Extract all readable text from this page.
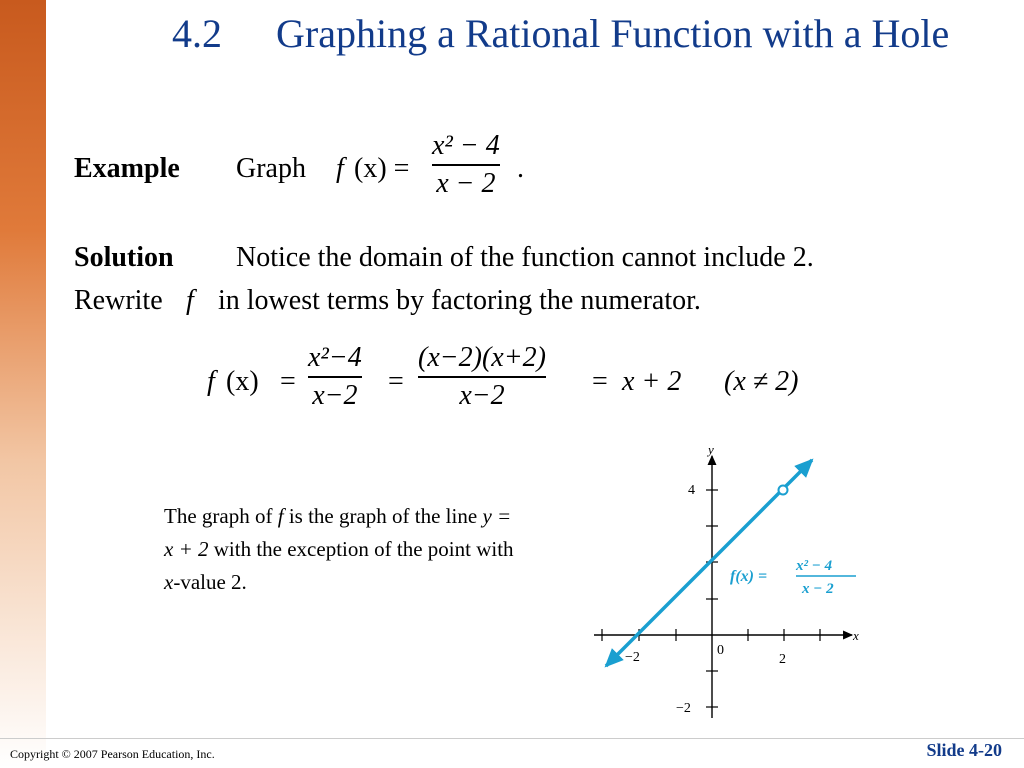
4.2 Graphing a Rational Function with a Hole
Example Graph f (x) =
x² − 4
x − 2 .
Solution Notice the domain of the function cannot include 2.
Rewrite f in lowest terms by factoring the numerator.
f (x) =
x²−4
x−2 =
(x−2)(x+2)
x−2	= x + 2 (x ≠ 2)
The graph of f is the graph of the line y = x + 2 with the exception of the point with x-value 2.
y
x
0
4
−2
−2	2
f(x) =
x² − 4
x − 2
Copyright © 2007 Pearson Education, Inc.	Slide 4-20
